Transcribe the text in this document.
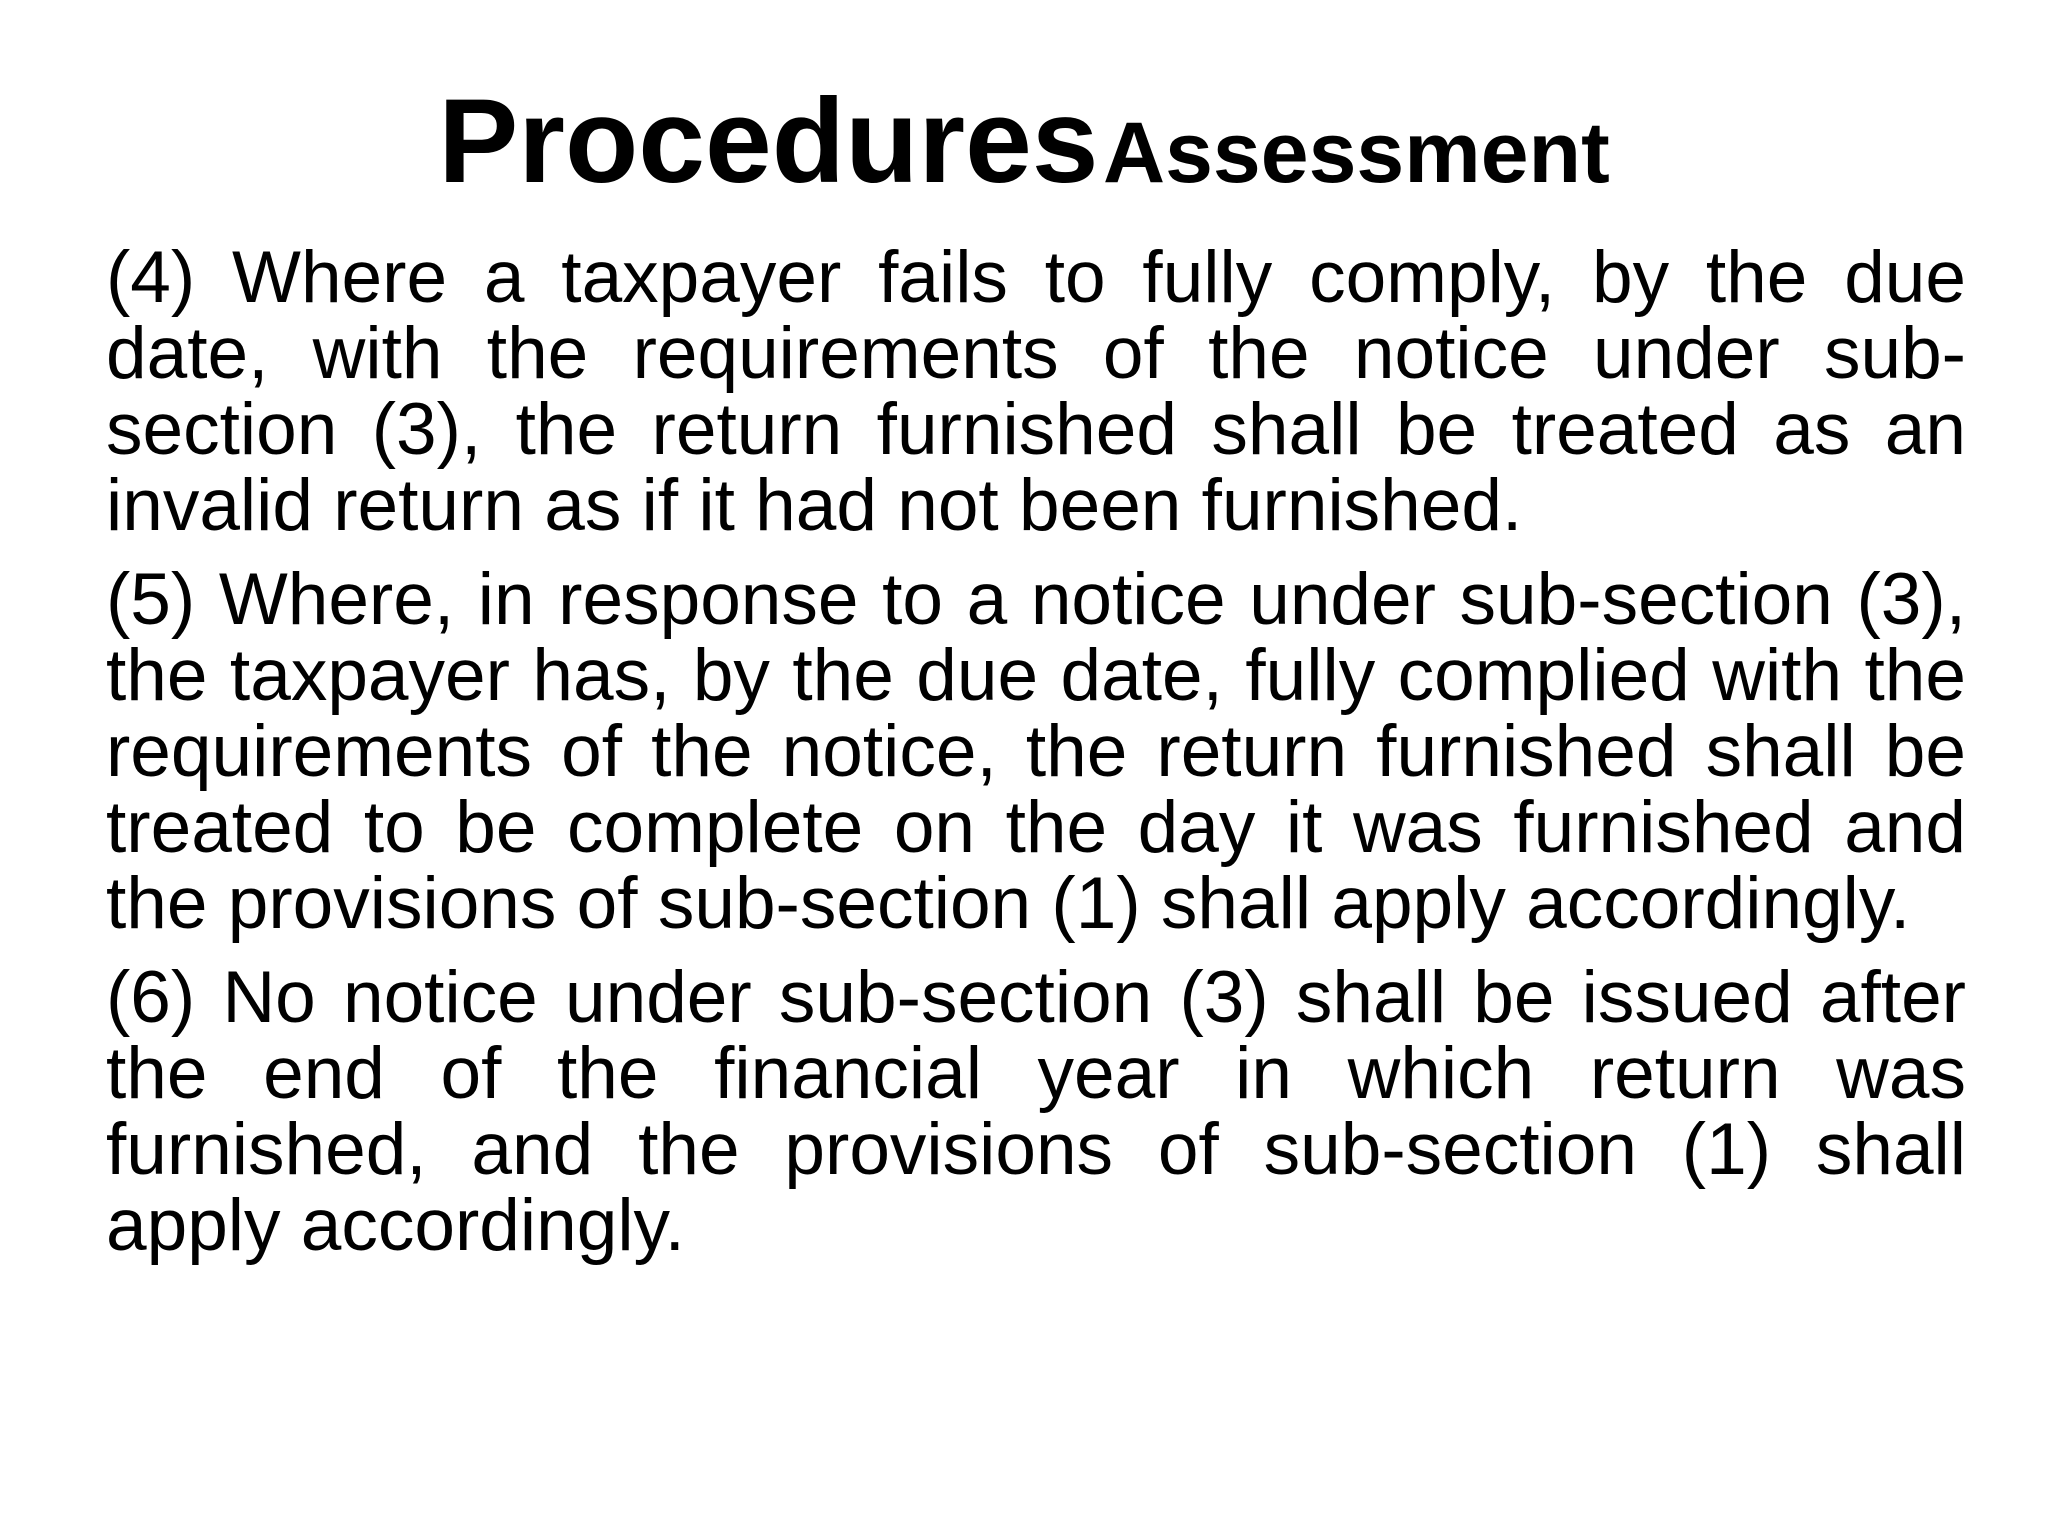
Procedures Assessment

(4) Where a taxpayer fails to fully comply, by the due date, with the requirements of the notice under sub-section (3), the return furnished shall be treated as an invalid return as if it had not been furnished.

(5) Where, in response to a notice under sub-section (3), the taxpayer has, by the due date, fully complied with the requirements of the notice, the return furnished shall be treated to be complete on the day it was furnished and the provisions of sub-section (1) shall apply accordingly.

(6) No notice under sub-section (3) shall be issued after the end of the financial year in which return was furnished, and the provisions of sub-section (1) shall apply accordingly.
